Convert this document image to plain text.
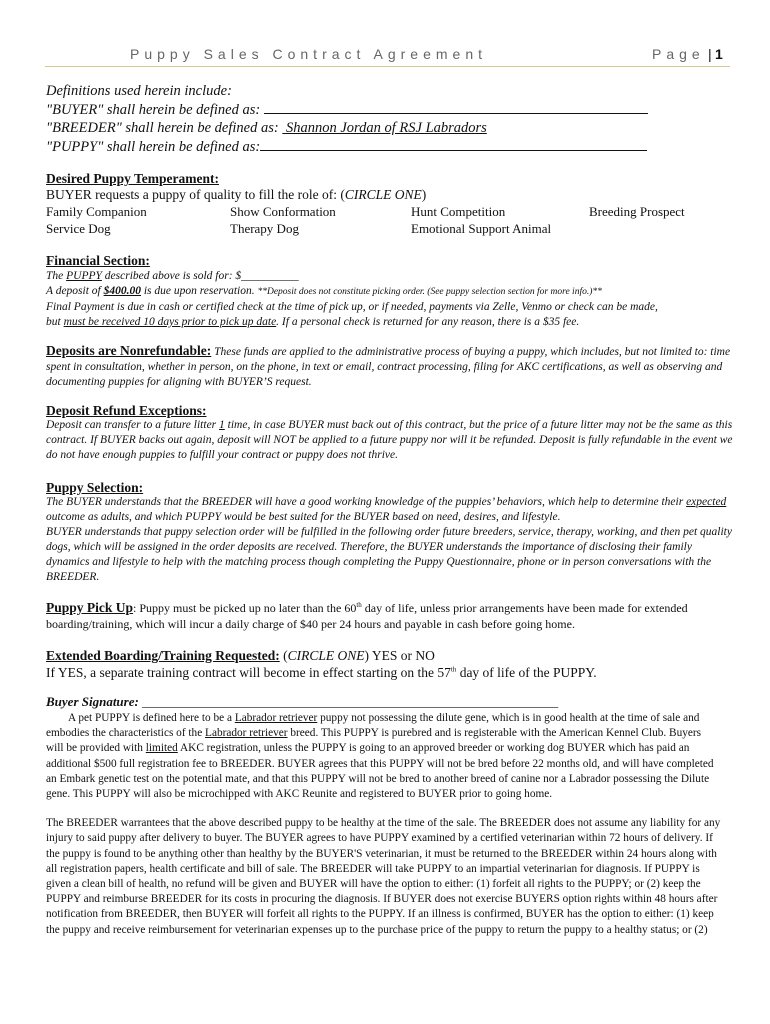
Puppy Sales Contract Agreement	Page | 1

Definitions used herein include:

"BUYER" shall herein be defined as:

"BREEDER" shall herein be defined as: Shannon Jordan of RSJ Labradors

"PUPPY" shall herein be defined as:

Desired Puppy Temperament:

BUYER requests a puppy of quality to fill the role of: (CIRCLE ONE)

Family Companion	Show Conformation	Hunt Competition	Breeding Prospect
Service Dog	Therapy Dog	Emotional Support Animal

Financial Section:

The PUPPY described above is sold for: $__________

A deposit of $400.00 is due upon reservation. **Deposit does not constitute picking order. (See puppy selection section for more info.)**

Final Payment is due in cash or certified check at the time of pick up, or if needed, payments via Zelle, Venmo or check can be made,

but must be received 10 days prior to pick up date. If a personal check is returned for any reason, there is a $35 fee.

Deposits are Nonrefundable: These funds are applied to the administrative process of buying a puppy, which includes, but not limited to: time spent in consultation, whether in person, on the phone, in text or email, contract processing, filing for AKC certifications, as well as observing and documenting puppies for aligning with BUYER’S request.

Deposit Refund Exceptions:

Deposit can transfer to a future litter 1 time, in case BUYER must back out of this contract, but the price of a future litter may not be the same as this contract. If BUYER backs out again, deposit will NOT be applied to a future puppy nor will it be refunded. Deposit is fully refundable in the event we do not have enough puppies to fulfill your contract or puppy does not thrive.

Puppy Selection:

The BUYER understands that the BREEDER will have a good working knowledge of the puppies’ behaviors, which help to determine their expected outcome as adults, and which PUPPY would be best suited for the BUYER based on need, desires, and lifestyle.

BUYER understands that puppy selection order will be fulfilled in the following order future breeders, service, therapy, working, and then pet quality dogs, which will be assigned in the order deposits are received. Therefore, the BUYER understands the importance of disclosing their family dynamics and lifestyle to help with the matching process though completing the Puppy Questionnaire, phone or in person conversations with the BREEDER.

Puppy Pick Up: Puppy must be picked up no later than the 60th day of life, unless prior arrangements have been made for extended boarding/training, which will incur a daily charge of $40 per 24 hours and payable in cash before going home.

Extended Boarding/Training Requested: (CIRCLE ONE) YES or NO

If YES, a separate training contract will become in effect starting on the 57th day of life of the PUPPY.

Buyer Signature: ________________________________________________________________

A pet PUPPY is defined here to be a Labrador retriever puppy not possessing the dilute gene, which is in good health at the time of sale and embodies the characteristics of the Labrador retriever breed. This PUPPY is purebred and is registerable with the American Kennel Club. Buyers will be provided with limited AKC registration, unless the PUPPY is going to an approved breeder or working dog BUYER which has paid an additional $500 full registration fee to BREEDER. BUYER agrees that this PUPPY will not be bred before 22 months old, and will have completed an Embark genetic test on the potential mate, and that this PUPPY will not be bred to another breed of canine nor a Labrador possessing the Dilute gene. This PUPPY will also be microchipped with AKC Reunite and registered to BUYER prior to going home.

The BREEDER warrantees that the above described puppy to be healthy at the time of the sale. The BREEDER does not assume any liability for any injury to said puppy after delivery to buyer. The BUYER agrees to have PUPPY examined by a certified veterinarian within 72 hours of delivery. If the puppy is found to be anything other than healthy by the BUYER'S veterinarian, it must be returned to the BREEDER within 24 hours along with all registration papers, health certificate and bill of sale. The BREEDER will take PUPPY to an impartial veterinarian for diagnosis. If PUPPY is given a clean bill of health, no refund will be given and BUYER will have the option to either: (1) forfeit all rights to the PUPPY; or (2) keep the PUPPY and reimburse BREEDER for its costs in procuring the diagnosis. If BUYER does not exercise BUYERS option rights within 48 hours after notification from BREEDER, then BUYER will forfeit all rights to the PUPPY. If an illness is confirmed, BUYER has the option to either: (1) keep the puppy and receive reimbursement for veterinarian expenses up to the purchase price of the puppy to return the puppy to a healthy status; or (2)
